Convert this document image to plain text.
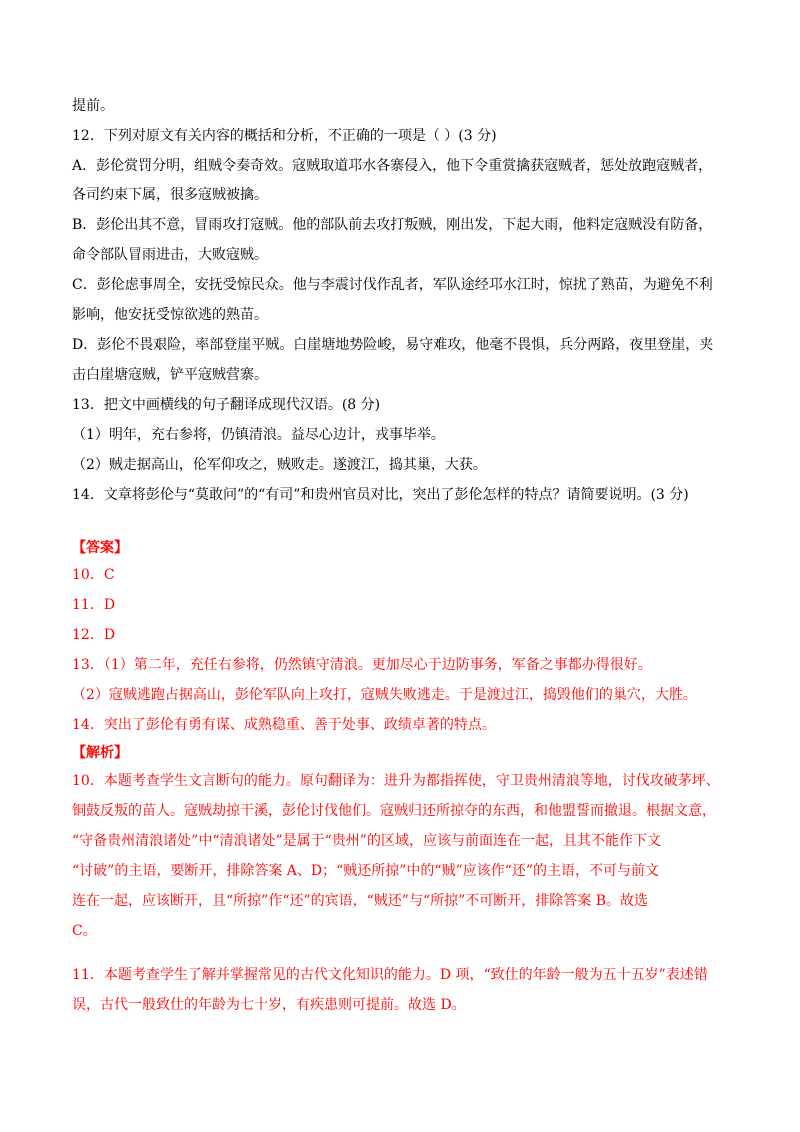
提前。
12．下列对原文有关内容的概括和分析，不正确的一项是（ ）(3 分)
A．彭伦赏罚分明，组贼令奏奇效。寇贼取道邛水各寨侵入，他下令重赏擒获寇贼者，惩处放跑寇贼者，
各司约束下属，很多寇贼被擒。
B．彭伦出其不意，冒雨攻打寇贼。他的部队前去攻打叛贼，刚出发，下起大雨，他料定寇贼没有防备，
命令部队冒雨进击，大败寇贼。
C．彭伦虑事周全，安抚受惊民众。他与李震讨伐作乱者，军队途经邛水江时，惊扰了熟苗，为避免不利
影响，他安抚受惊欲逃的熟苗。
D．彭伦不畏艰险，率部登崖平贼。白崖塘地势险峻，易守难攻，他毫不畏惧，兵分两路，夜里登崖，夹
击白崖塘寇贼，铲平寇贼营寨。
13．把文中画横线的句子翻译成现代汉语。(8 分)
（1）明年，充右参将，仍镇清浪。益尽心边计，戎事毕举。
（2）贼走据高山，伦军仰攻之，贼败走。遂渡江，捣其巢，大获。
14．文章将彭伦与“莫敢问”的“有司”和贵州官员对比，突出了彭伦怎样的特点？请简要说明。(3 分)
【答案】
10．C
11．D
12．D
13．（1）第二年，充任右参将，仍然镇守清浪。更加尽心于边防事务，军备之事都办得很好。
（2）寇贼逃跑占据高山，彭伦军队向上攻打，寇贼失败逃走。于是渡过江，捣毁他们的巢穴，大胜。
14．突出了彭伦有勇有谋、成熟稳重、善于处事、政绩卓著的特点。
【解析】
10．本题考查学生文言断句的能力。原句翻译为：进升为都指挥使，守卫贵州清浪等地，讨伐攻破茅坪、
铜鼓反叛的苗人。寇贼劫掠干溪，彭伦讨伐他们。寇贼归还所掠夺的东西，和他盟誓而撤退。根据文意，
“守备贵州清浪诸处”中“清浪诸处”是属于“贵州”的区域，应该与前面连在一起，且其不能作下文
“讨破”的主语，要断开，排除答案 A、D；“贼还所掠”中的“贼”应该作“还”的主语，不可与前文
连在一起，应该断开，且“所掠”作“还”的宾语，“贼还”与“所掠”不可断开，排除答案 B。故选
C。
11．本题考查学生了解并掌握常见的古代文化知识的能力。D 项，“致仕的年龄一般为五十五岁”表述错
误，古代一般致仕的年龄为七十岁，有疾患则可提前。故选 D。
